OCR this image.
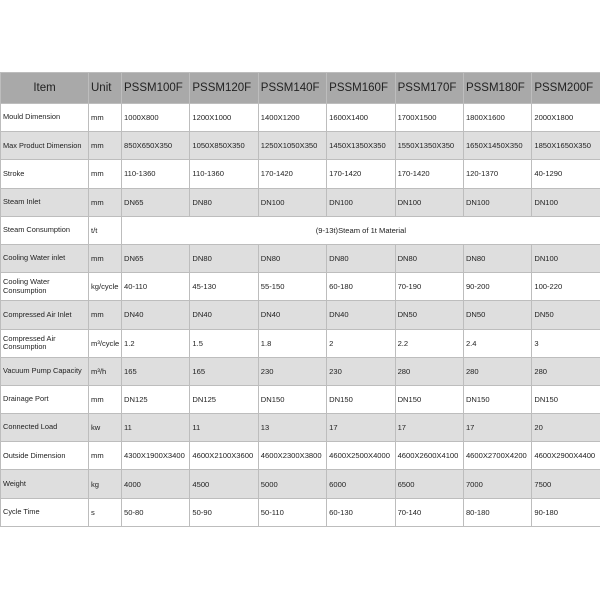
Item	Unit	PSSM100F	PSSM120F	PSSM140F	PSSM160F	PSSM170F	PSSM180F	PSSM200F
Mould Dimension	mm	1000X800	1200X1000	1400X1200	1600X1400	1700X1500	1800X1600	2000X1800
Max Product Dimension	mm	850X650X350	1050X850X350	1250X1050X350	1450X1350X350	1550X1350X350	1650X1450X350	1850X1650X350
Stroke	mm	110-1360	110-1360	170-1420	170-1420	170-1420	120-1370	40-1290
Steam Inlet	mm	DN65	DN80	DN100	DN100	DN100	DN100	DN100
Steam Consumption	t/t	(9-13t)Steam of 1t Material						
Cooling Water inlet	mm	DN65	DN80	DN80	DN80	DN80	DN80	DN100
Cooling Water Consumption	kg/cycle	40-110	45-130	55-150	60-180	70-190	90-200	100-220
Compressed Air Inlet	mm	DN40	DN40	DN40	DN40	DN50	DN50	DN50
Compressed Air Consumption	m³/cycle	1.2	1.5	1.8	2	2.2	2.4	3
Vacuum Pump Capacity	m³/h	165	165	230	230	280	280	280
Drainage Port	mm	DN125	DN125	DN150	DN150	DN150	DN150	DN150
Connected Load	kw	11	11	13	17	17	17	20
Outside Dimension	mm	4300X1900X3400	4600X2100X3600	4600X2300X3800	4600X2500X4000	4600X2600X4100	4600X2700X4200	4600X2900X4400
Weight	kg	4000	4500	5000	6000	6500	7000	7500
Cycle Time	s	50-80	50-90	50-110	60-130	70-140	80-180	90-180
